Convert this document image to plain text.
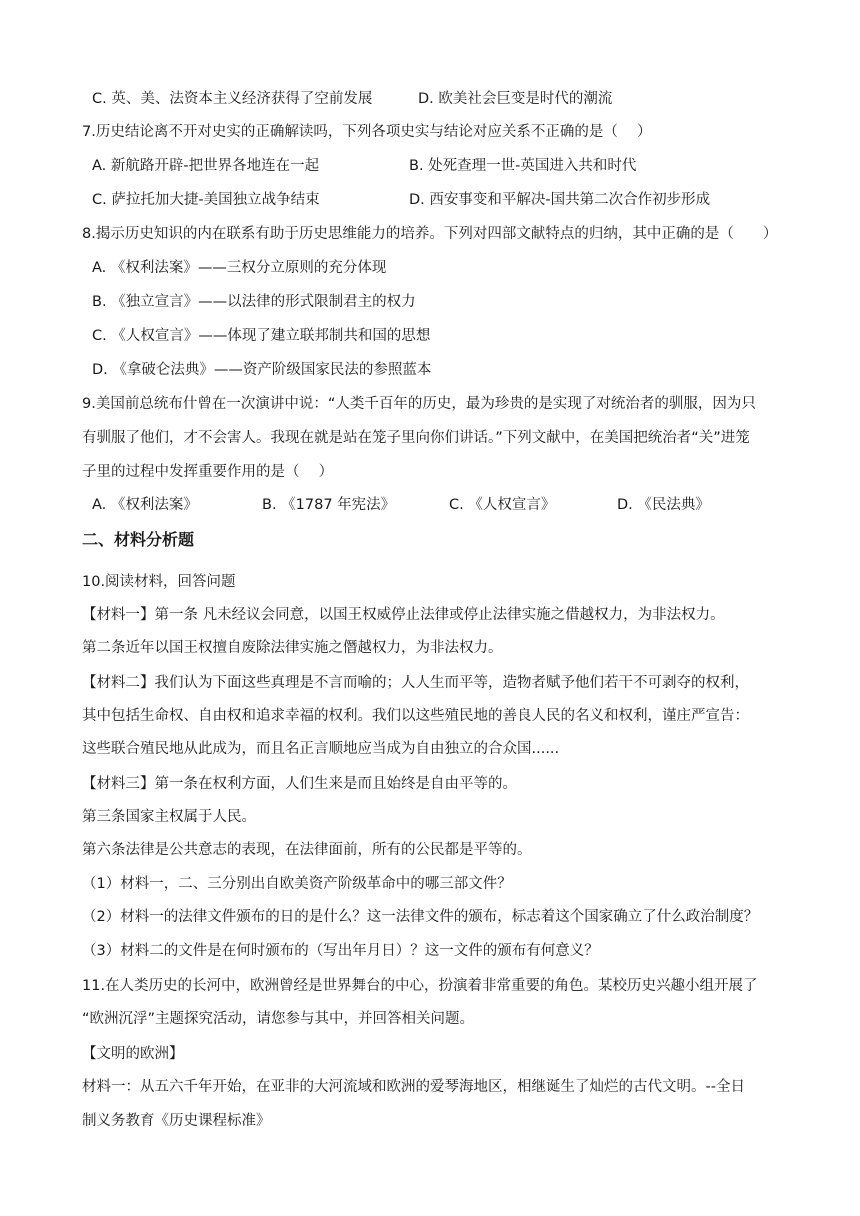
C. 英、美、法资本主义经济获得了空前发展	D. 欧美社会巨变是时代的潮流
7.历史结论离不开对史实的正确解读吗，下列各项史实与结论对应关系不正确的是（　 ）
A. 新航路开辟-把世界各地连在一起	B. 处死查理一世-英国进入共和时代
C. 萨拉托加大捷-美国独立战争结束	D. 西安事变和平解决-国共第二次合作初步形成
8.揭示历史知识的内在联系有助于历史思维能力的培养。下列对四部文献特点的归纳，其中正确的是（　　）
A. 《权利法案》——三权分立原则的充分体现
B. 《独立宣言》——以法律的形式限制君主的权力
C. 《人权宣言》——体现了建立联邦制共和国的思想
D. 《拿破仑法典》——资产阶级国家民法的参照蓝本
9.美国前总统布什曾在一次演讲中说：“人类千百年的历史，最为珍贵的是实现了对统治者的驯服，因为只
有驯服了他们，才不会害人。我现在就是站在笼子里向你们讲话。”下列文献中，在美国把统治者“关”进笼
子里的过程中发挥重要作用的是（　 ）
A. 《权利法案》	B. 《1787 年宪法》	C. 《人权宣言》	D. 《民法典》
二、材料分析题
10.阅读材料，回答问题
【材料一】第一条 凡未经议会同意，以国王权威停止法律或停止法律实施之借越权力，为非法权力。
第二条近年以国王权擅自废除法律实施之僭越权力，为非法权力。
【材料二】我们认为下面这些真理是不言而喻的；人人生而平等，造物者赋予他们若干不可剥夺的权利，
其中包括生命权、自由权和追求幸福的权利。我们以这些殖民地的善良人民的名义和权利，谨庄严宣告：
这些联合殖民地从此成为，而且名正言顺地应当成为自由独立的合众国......
【材料三】第一条在权利方面，人们生来是而且始终是自由平等的。
第三条国家主权属于人民。
第六条法律是公共意志的表现，在法律面前，所有的公民都是平等的。
（1）材料一，二、三分别出自欧美资产阶级革命中的哪三部文件？
（2）材料一的法律文件颁布的日的是什么？这一法律文件的颁布，标志着这个国家确立了什么政治制度？
（3）材料二的文件是在何时颁布的（写出年月日）？这一文件的颁布有何意义？
11.在人类历史的长河中，欧洲曾经是世界舞台的中心，扮演着非常重要的角色。某校历史兴趣小组开展了
“欧洲沉浮”主题探究活动，请您参与其中，并回答相关问题。
【文明的欧洲】
材料一：从五六千年开始，在亚非的大河流域和欧洲的爱琴海地区，相继诞生了灿烂的古代文明。--全日
制义务教育《历史课程标准》
